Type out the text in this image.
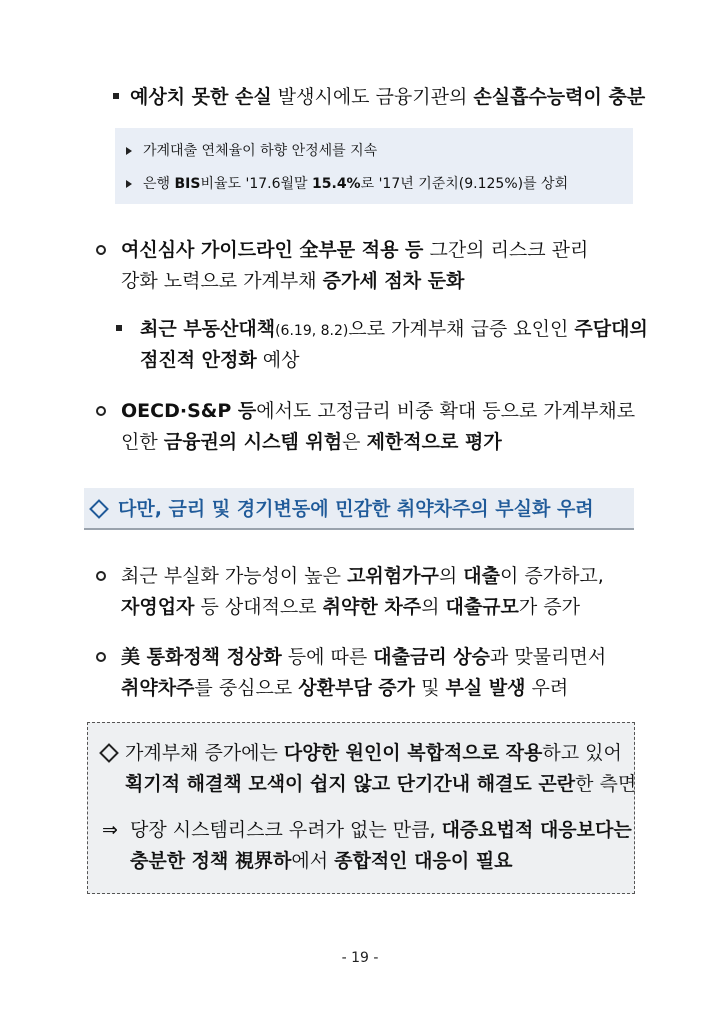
예상치 못한 손실 발생시에도 금융기관의 손실흡수능력이 충분
가계대출 연체율이 하향 안정세를 지속
은행 BIS비율도 '17.6월말 15.4%로 '17년 기준치(9.125%)를 상회
여신심사 가이드라인 全부문 적용 등 그간의 리스크 관리
강화 노력으로 가계부채 증가세 점차 둔화
최근 부동산대책(6.19, 8.2)으로 가계부채 급증 요인인 주담대의
점진적 안정화 예상
OECD·S&P 등에서도 고정금리 비중 확대 등으로 가계부채로
인한 금융권의 시스템 위험은 제한적으로 평가
다만, 금리 및 경기변동에 민감한 취약차주의 부실화 우려
최근 부실화 가능성이 높은 고위험가구의 대출이 증가하고,
자영업자 등 상대적으로 취약한 차주의 대출규모가 증가
美 통화정책 정상화 등에 따른 대출금리 상승과 맞물리면서
취약차주를 중심으로 상환부담 증가 및 부실 발생 우려
가계부채 증가에는 다양한 원인이 복합적으로 작용하고 있어
획기적 해결책 모색이 쉽지 않고 단기간내 해결도 곤란한 측면
⇒ 당장 시스템리스크 우려가 없는 만큼, 대증요법적 대응보다는
충분한 정책 視界하에서 종합적인 대응이 필요
- 19 -
